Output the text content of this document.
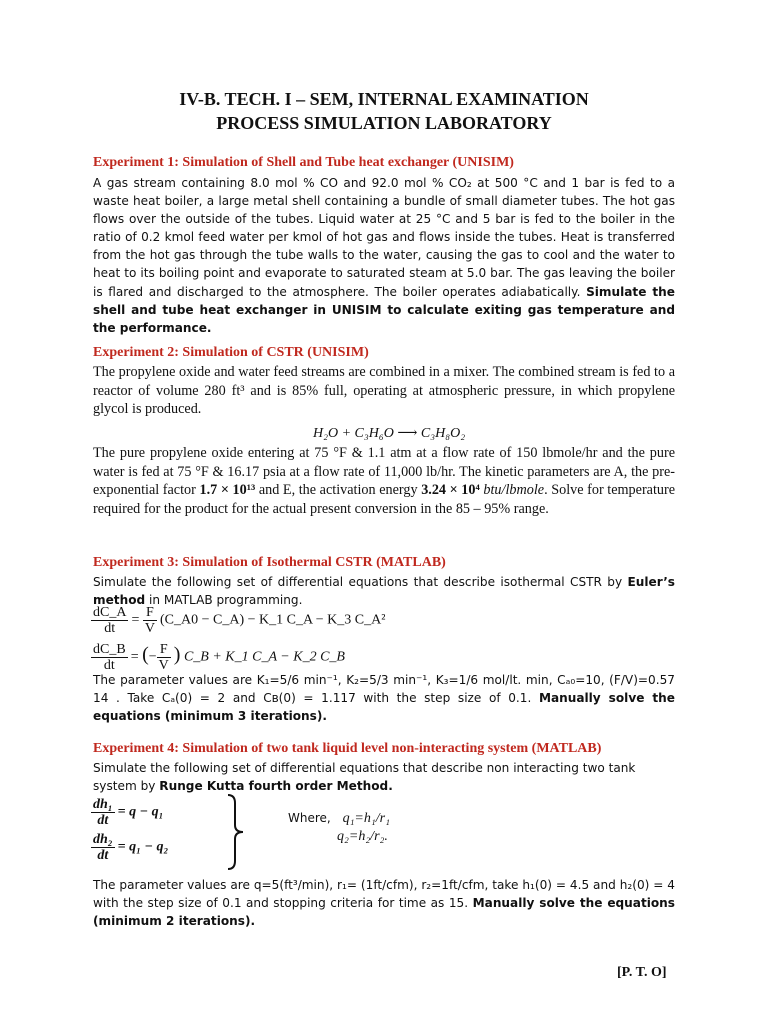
IV-B. TECH. I – SEM, INTERNAL EXAMINATION
PROCESS SIMULATION LABORATORY
Experiment 1: Simulation of Shell and Tube heat exchanger (UNISIM)
A gas stream containing 8.0 mol % CO and 92.0 mol % CO₂ at 500 °C and 1 bar is fed to a waste heat boiler, a large metal shell containing a bundle of small diameter tubes. The hot gas flows over the outside of the tubes. Liquid water at 25 °C and 5 bar is fed to the boiler in the ratio of 0.2 kmol feed water per kmol of hot gas and flows inside the tubes. Heat is transferred from the hot gas through the tube walls to the water, causing the gas to cool and the water to heat to its boiling point and evaporate to saturated steam at 5.0 bar. The gas leaving the boiler is flared and discharged to the atmosphere. The boiler operates adiabatically. Simulate the shell and tube heat exchanger in UNISIM to calculate exiting gas temperature and the performance.
Experiment 2: Simulation of CSTR (UNISIM)
The propylene oxide and water feed streams are combined in a mixer. The combined stream is fed to a reactor of volume 280 ft³ and is 85% full, operating at atmospheric pressure, in which propylene glycol is produced.
H₂O + C₃H₆O ⟶ C₃H₈O₂
The pure propylene oxide entering at 75 °F & 1.1 atm at a flow rate of 150 lbmole/hr and the pure water is fed at 75 °F & 16.17 psia at a flow rate of 11,000 lb/hr. The kinetic parameters are A, the pre-exponential factor 1.7 × 10¹³ and E, the activation energy 3.24 × 10⁴ btu/lbmole. Solve for temperature required for the product for the actual present conversion in the 85 – 95% range.
Experiment 3: Simulation of Isothermal CSTR (MATLAB)
Simulate the following set of differential equations that describe isothermal CSTR by Euler’s method in MATLAB programming.
$\frac{dC\_A}{dt} = \frac{F}{V}$ (C_A0 − C_A) − K_1 C_A − K_3 C_A²
$\frac{dC\_B}{dt}$ = (− $\frac{F}{V}$ ) C_B + K_1 C_A − K_2 C_B
The parameter values are K₁=5/6 min⁻¹, K₂=5/3 min⁻¹, K₃=1/6 mol/lt. min, Cₐ₀=10, (F/V)=0.57 14 . Take Cₐ(0) = 2 and Cʙ(0) = 1.117 with the step size of 0.1. Manually solve the equations (minimum 3 iterations).
Experiment 4: Simulation of two tank liquid level non-interacting system (MATLAB)
Simulate the following set of differential equations that describe non interacting two tank system by Runge Kutta fourth order Method.
$\frac{\text{dh₁}}{dt} = q - q_1$
$\frac{\text{dh₂}}{dt} = q_1 - q_2$
Where, q₁=h₁/r₁
q₂=h₂/r₂.
The parameter values are q=5(ft³/min), r₁= (1ft/cfm), r₂=1ft/cfm, take h₁(0) = 4.5 and h₂(0) = 4 with the step size of 0.1 and stopping criteria for time as 15. Manually solve the equations (minimum 2 iterations).
[P. T. O]
